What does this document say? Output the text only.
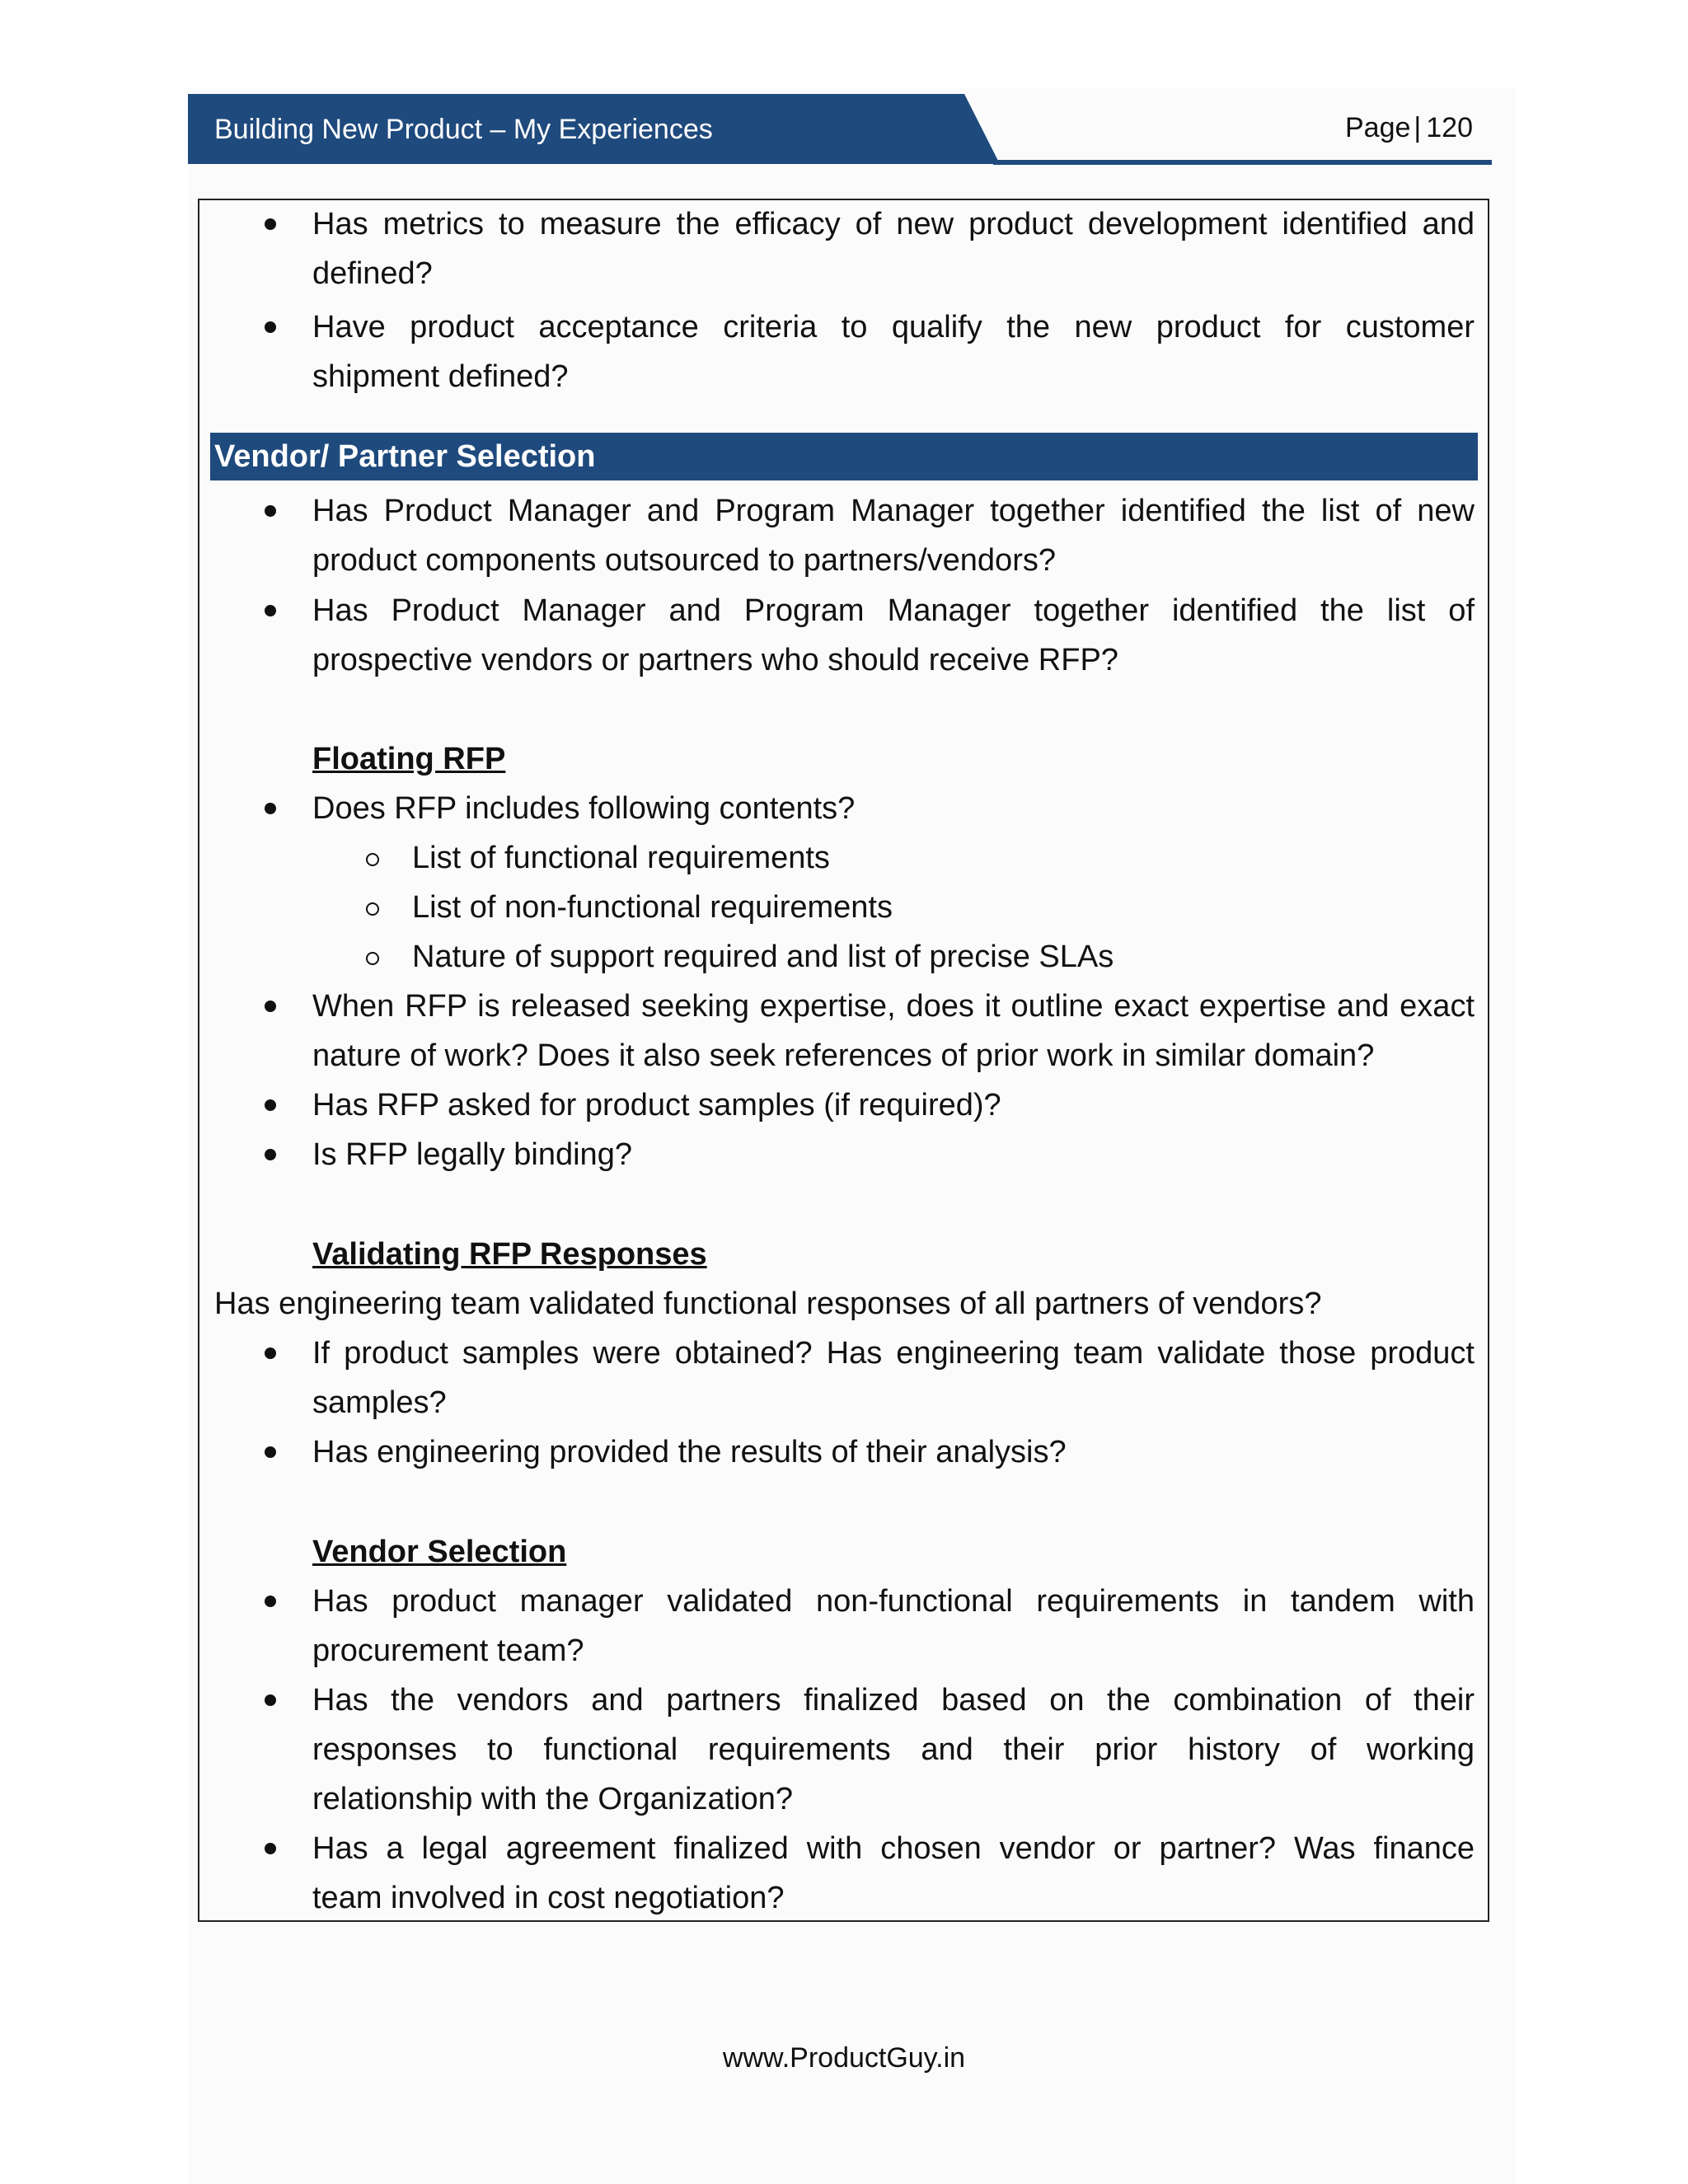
Building New Product – My Experiences	Page | 120
Has metrics to measure the efficacy of new product development identified and
defined?
Have product acceptance criteria to qualify the new product for customer
shipment defined?
Vendor/ Partner Selection
Has Product Manager and Program Manager together identified the list of new
product components outsourced to partners/vendors?
Has Product Manager and Program Manager together identified the list of
prospective vendors or partners who should receive RFP?
Floating RFP
Does RFP includes following contents?
List of functional requirements
List of non-functional requirements
Nature of support required and list of precise SLAs
When RFP is released seeking expertise, does it outline exact expertise and exact
nature of work? Does it also seek references of prior work in similar domain?
Has RFP asked for product samples (if required)?
Is RFP legally binding?
Validating RFP Responses
Has engineering team validated functional responses of all partners of vendors?
If product samples were obtained? Has engineering team validate those product
samples?
Has engineering provided the results of their analysis?
Vendor Selection
Has product manager validated non-functional requirements in tandem with
procurement team?
Has the vendors and partners finalized based on the combination of their
responses to functional requirements and their prior history of working
relationship with the Organization?
Has a legal agreement finalized with chosen vendor or partner? Was finance
team involved in cost negotiation?
www.ProductGuy.in
